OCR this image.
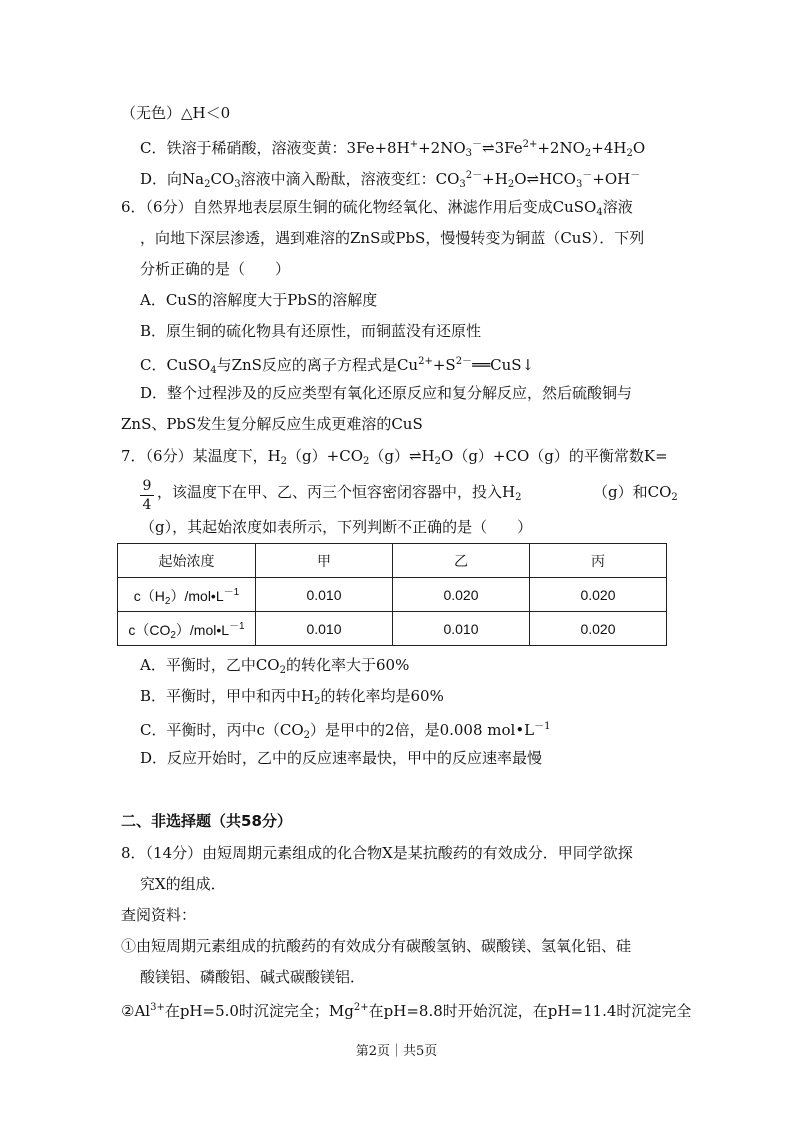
（无色）△H＜0
C．铁溶于稀硝酸，溶液变黄：$3Fe+8H^++2NO_3^-\rightleftharpoons 3Fe^{2+}+2NO_2+4H_2O$
D．向$Na_2CO_3$溶液中滴入酚酞，溶液变红：$CO_3^{2-}+H_2O\rightleftharpoons HCO_3^-+OH^-$
6．（6分）自然界地表层原生铜的硫化物经氧化、淋滤作用后变成CuSO$_4$溶液
，向地下深层渗透，遇到难溶的ZnS或PbS，慢慢转变为铜蓝（CuS）．下列
分析正确的是（　　）
A．CuS的溶解度大于PbS的溶解度
B．原生铜的硫化物具有还原性，而铜蓝没有还原性
C．CuSO$_4$与ZnS反应的离子方程式是$Cu^{2+}+S^{2-}══CuS↓$
D．整个过程涉及的反应类型有氧化还原反应和复分解反应，然后硫酸铜与
ZnS、PbS发生复分解反应生成更难溶的CuS
7．（6分）某温度下，$H_2(g)+CO_2(g)\rightleftharpoons H_2O(g)+CO(g)$的平衡常数K=
9
4
，该温度下在甲、乙、丙三个恒容密闭容器中，投入$H_2$	（g）和$CO_2$
（g），其起始浓度如表所示，下列判断不正确的是（　　）
起始浓度	甲	乙	丙
$c(H_2)/mol•L^{-1}$	0.010	0.020	0.020
$c(CO_2)/mol•L^{-1}$	0.010	0.010	0.020
A．平衡时，乙中$CO_2$的转化率大于60%
B．平衡时，甲中和丙中$H_2$的转化率均是60%
C．平衡时，丙中$c(CO_2)$是甲中的2倍，是0.008 $mol•L^{-1}$
D．反应开始时，乙中的反应速率最快，甲中的反应速率最慢
二、非选择题（共58分）
8．（14分）由短周期元素组成的化合物X是某抗酸药的有效成分．甲同学欲探
究X的组成．
查阅资料：
①由短周期元素组成的抗酸药的有效成分有碳酸氢钠、碳酸镁、氢氧化铝、硅
酸镁铝、磷酸铝、碱式碳酸镁铝．
$②Al^{3+}$在pH=5.0时沉淀完全；$Mg^{2+}$在pH=8.8时开始沉淀，在pH=11.4时沉淀完全
第2页｜共5页
